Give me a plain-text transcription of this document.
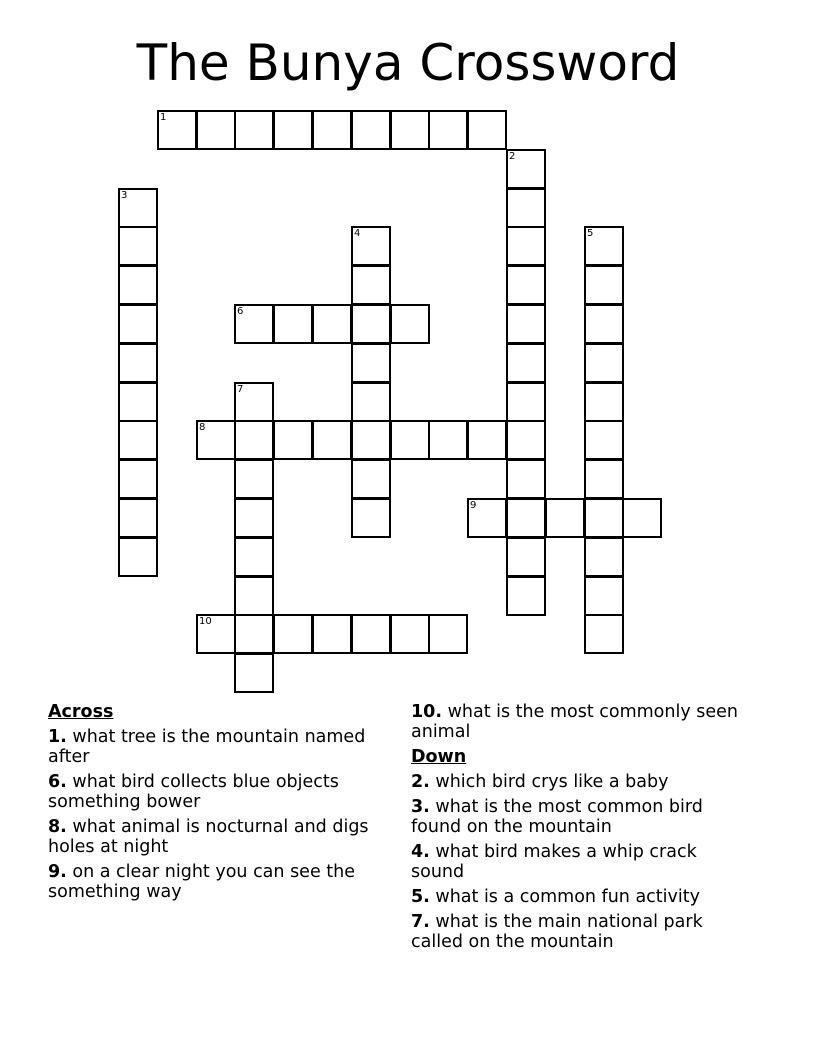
The Bunya Crossword
1
2
3
4	5
6
7
8
9
10
Across
1. what tree is the mountain named after
6. what bird collects blue objects something bower
8. what animal is nocturnal and digs holes at night
9. on a clear night you can see the something way
10. what is the most commonly seen animal
Down
2. which bird crys like a baby
3. what is the most common bird found on the mountain
4. what bird makes a whip crack sound
5. what is a common fun activity
7. what is the main national park called on the mountain
